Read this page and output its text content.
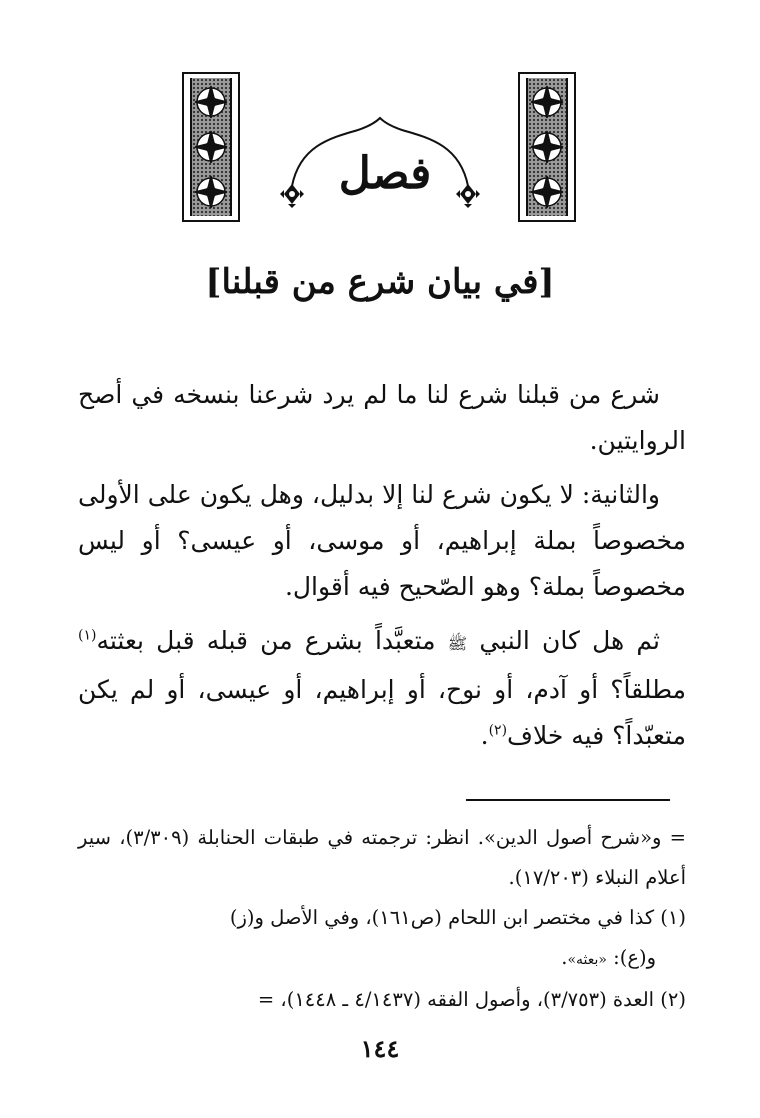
فصل
[في بيان شرع من قبلنا]

شرع من قبلنا شرع لنا ما لم يرد شرعنا بنسخه في أصح الروايتين.

والثانية: لا يكون شرع لنا إلا بدليل، وهل يكون على الأولى مخصوصاً بملة إبراهيم، أو موسى، أو عيسى؟ أو ليس مخصوصاً بملة؟ وهو الصّحيح فيه أقوال.

ثم هل كان النبي ﷺ متعبَّداً بشرع من قبله قبل بعثته$^{(١)}$ مطلقاً؟ أو آدم، أو نوح، أو إبراهيم، أو عيسى، أو لم يكن متعبّداً؟ فيه خلاف$^{(٢)}$.

= و«شرح أصول الدين». انظر: ترجمته في طبقات الحنابلة (٣/٣٠٩)، سير أعلام النبلاء (١٧/٢٠٣).

(١) كذا في مختصر ابن اللحام (ص١٦١)، وفي الأصل و(ز)

و(ع): «بعثه».

(٢) العدة (٣/٧٥٣)، وأصول الفقه (٤/١٤٣٧ ـ ١٤٤٨)، =

١٤٤
